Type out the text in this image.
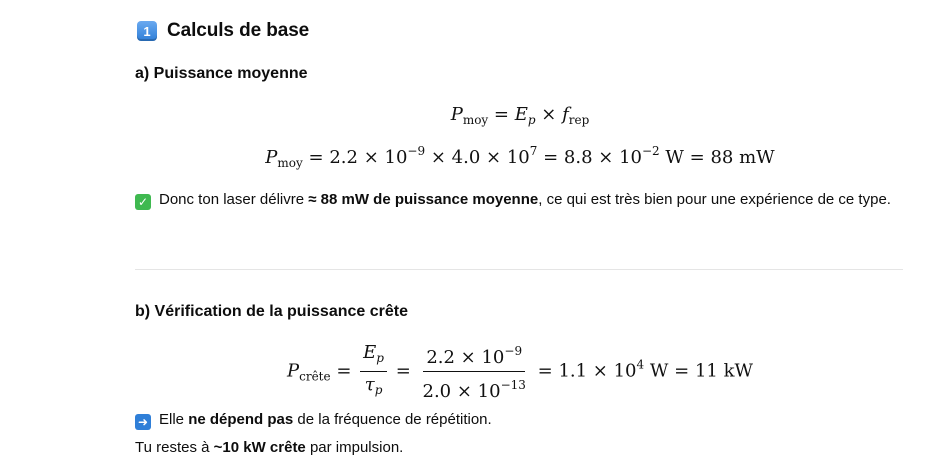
1 Calculs de base
a) Puissance moyenne
$P_{moy} = E_p \times f_{rep}$
$P_{moy} = 2.2 \times 10^{-9} \times 4.0 \times 10^7 = 8.8 \times 10^{-2}$ W = 88 mW
✓ Donc ton laser délivre ≈ 88 mW de puissance moyenne, ce qui est très bien pour une expérience de ce type.
b) Vérification de la puissance crête
$P_{crête} = \frac{E_p}{\tau_p} = \frac{2.2 \times 10^{-9}}{2.0 \times 10^{-13}} = 1.1 \times 10^4$ W = 11 kW
➜ Elle ne dépend pas de la fréquence de répétition.
Tu restes à ~10 kW crête par impulsion.
